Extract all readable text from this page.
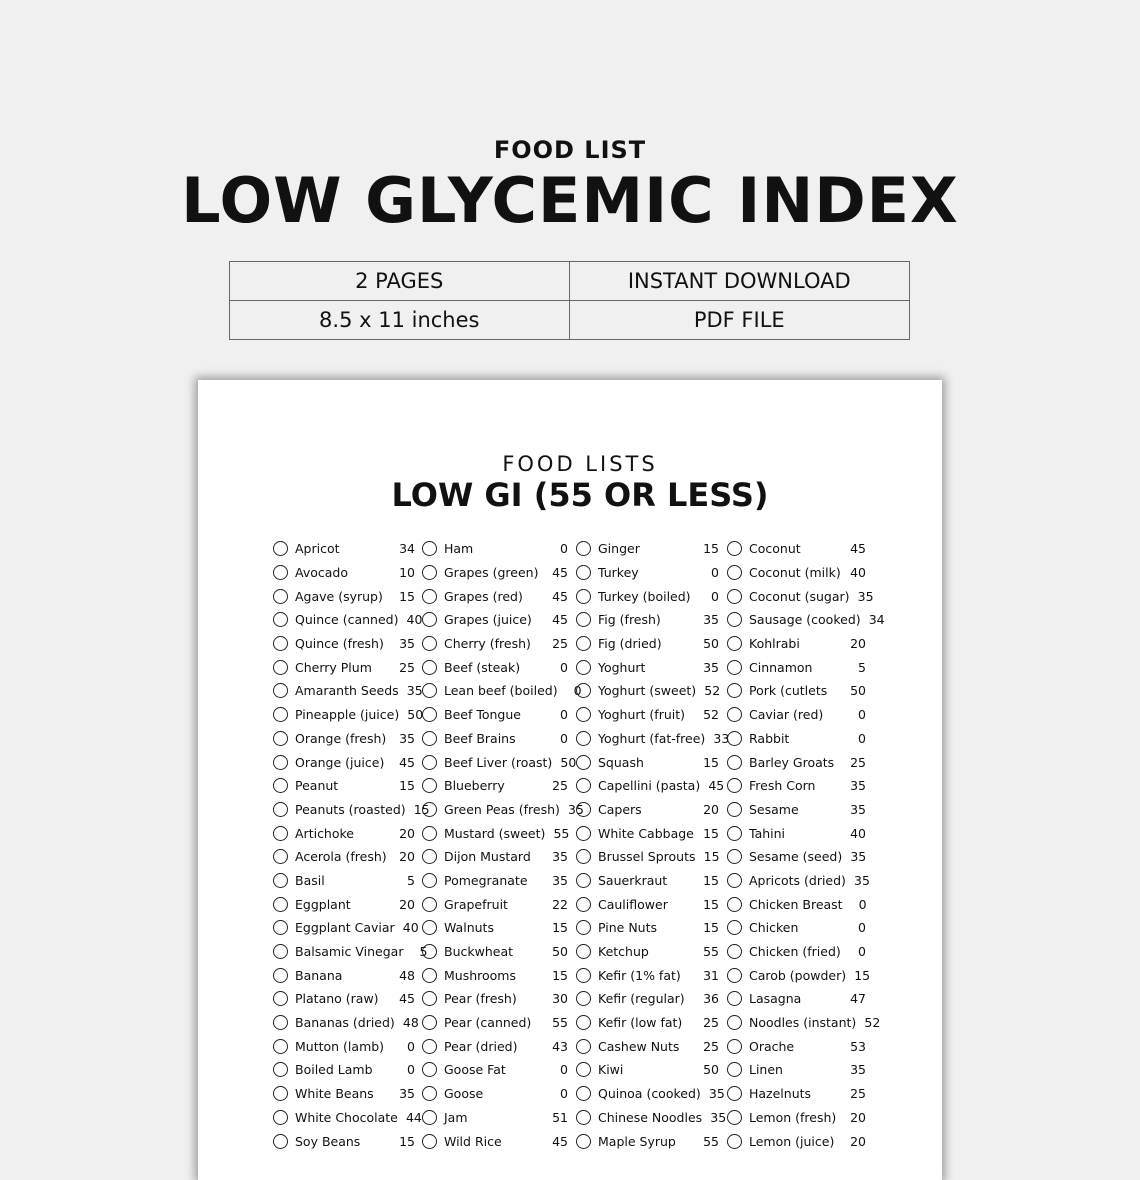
FOOD LIST
LOW GLYCEMIC INDEX
2 PAGES	INSTANT DOWNLOAD
8.5 x 11 inches	PDF FILE
FOOD LISTS
LOW GI (55 OR LESS)
Apricot	34
Avocado	10
Agave (syrup)	15
Quince (canned) 40
Quince (fresh)	35
Cherry Plum	25
Amaranth Seeds 35
Pineapple (juice) 50
Orange (fresh)	35
Orange (juice)	45
Peanut	15
Peanuts (roasted) 15
Artichoke	20
Acerola (fresh) 20
Basil	5
Eggplant	20
Eggplant Caviar 40
Balsamic Vinegar	5
Banana	48
Platano (raw)	45
Bananas (dried) 48
Mutton (lamb)	0
Boiled Lamb	0
White Beans	35
White Chocolate 44
Soy Beans	15
Ham	0
Grapes (green)	45
Grapes (red)	45
Grapes (juice)	45
Cherry (fresh)	25
Beef (steak)	0
Lean beef (boiled)	0
Beef Tongue	0
Beef Brains	0
Beef Liver (roast) 50
Blueberry	25
Green Peas (fresh) 35
Mustard (sweet) 55
Dijon Mustard	35
Pomegranate	35
Grapefruit	22
Walnuts	15
Buckwheat	50
Mushrooms	15
Pear (fresh)	30
Pear (canned)	55
Pear (dried)	43
Goose Fat	0
Goose	0
Jam	51
Wild Rice	45
Ginger	15
Turkey	0
Turkey (boiled)	0
Fig (fresh)	35
Fig (dried)	50
Yoghurt	35
Yoghurt (sweet) 52
Yoghurt (fruit)	52
Yoghurt (fat-free) 33
Squash	15
Capellini (pasta) 45
Capers	20
White Cabbage 15
Brussel Sprouts 15
Sauerkraut	15
Cauliflower	15
Pine Nuts	15
Ketchup	55
Kefir (1% fat)	31
Kefir (regular)	36
Kefir (low fat)	25
Cashew Nuts	25
Kiwi	50
Quinoa (cooked) 35
Chinese Noodles 35
Maple Syrup	55
Coconut	45
Coconut (milk) 40
Coconut (sugar) 35
Sausage (cooked) 34
Kohlrabi	20
Cinnamon	5
Pork (cutlets	50
Caviar (red)	0
Rabbit	0
Barley Groats	25
Fresh Corn	35
Sesame	35
Tahini	40
Sesame (seed) 35
Apricots (dried) 35
Chicken Breast	0
Chicken	0
Chicken (fried)	0
Carob (powder) 15
Lasagna	47
Noodles (instant) 52
Orache	53
Linen	35
Hazelnuts	25
Lemon (fresh)	20
Lemon (juice)	20
